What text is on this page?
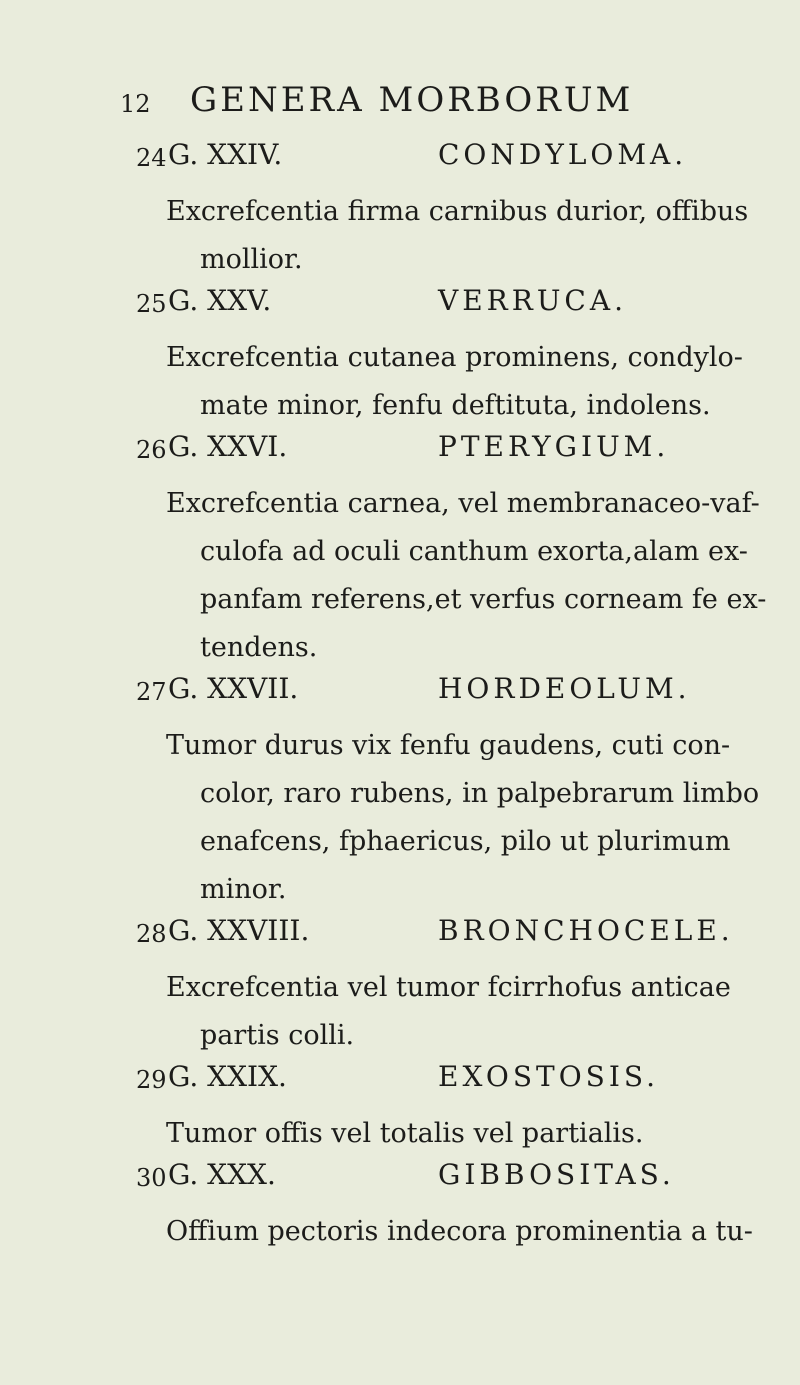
12 GENERA MORBORUM
24 G. XXIV.	CONDYLOMA.
Excrefcentia firma carnibus durior, offibus
mollior.
25 G. XXV.	VERRUCA.
Excrefcentia cutanea prominens, condylo-
mate minor, fenfu deftituta, indolens.
26 G. XXVI.	PTERYGIUM.
Excrefcentia carnea, vel membranaceo-vaf-
culofa ad oculi canthum exorta,alam ex-
panfam referens,et verfus corneam fe ex-
tendens.
27 G. XXVII.	HORDEOLUM.
Tumor durus vix fenfu gaudens, cuti con-
color, raro rubens, in palpebrarum limbo
enafcens, fphaericus, pilo ut plurimum
minor.
28 G. XXVIII.	BRONCHOCELE.
Excrefcentia vel tumor fcirrhofus anticae
partis colli.
29 G. XXIX.	EXOSTOSIS.
Tumor offis vel totalis vel partialis.
30 G. XXX.	GIBBOSITAS.
Offium pectoris indecora prominentia a tu-
